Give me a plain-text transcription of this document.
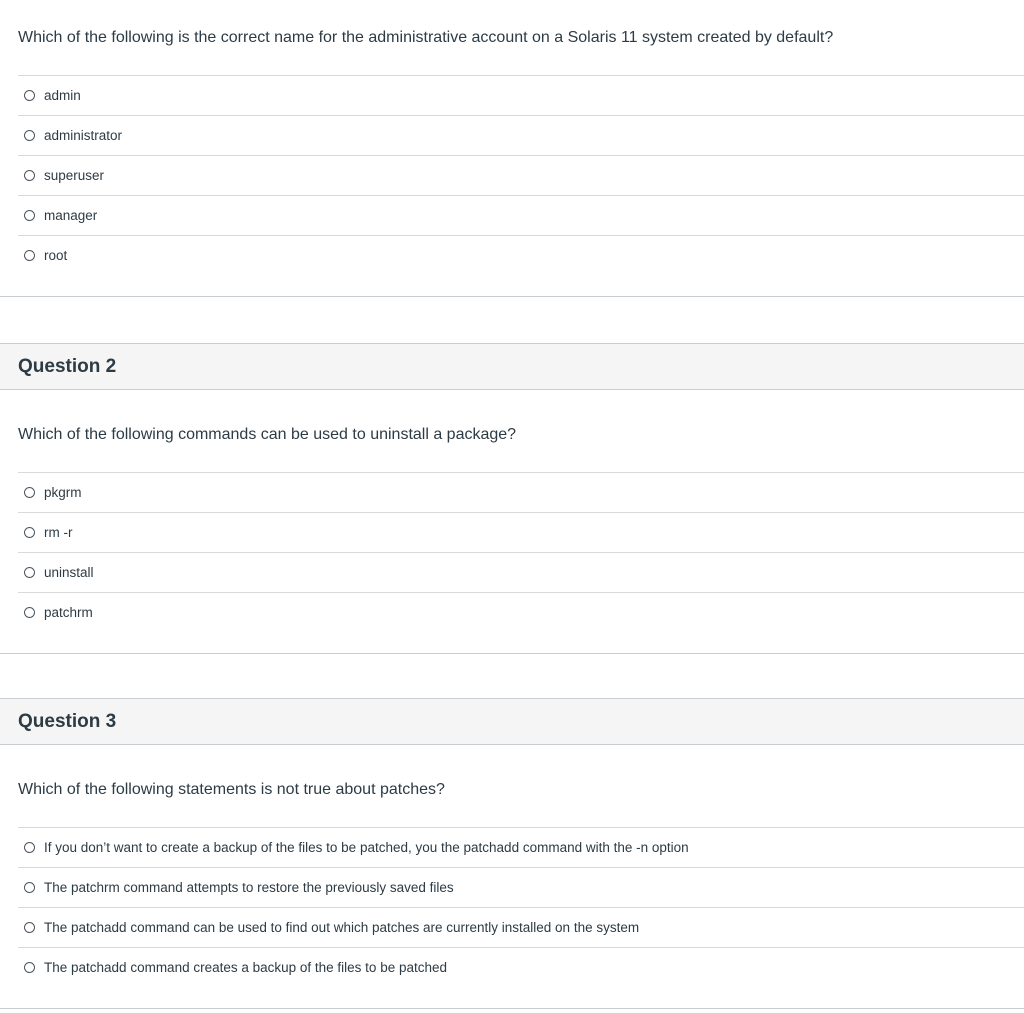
Which of the following is the correct name for the administrative account on a Solaris 11 system created by default?
admin
administrator
superuser
manager
root
Question 2
Which of the following commands can be used to uninstall a package?
pkgrm
rm -r
uninstall
patchrm
Question 3
Which of the following statements is not true about patches?
If you don’t want to create a backup of the files to be patched, you the patchadd command with the -n option
The patchrm command attempts to restore the previously saved files
The patchadd command can be used to find out which patches are currently installed on the system
The patchadd command creates a backup of the files to be patched
